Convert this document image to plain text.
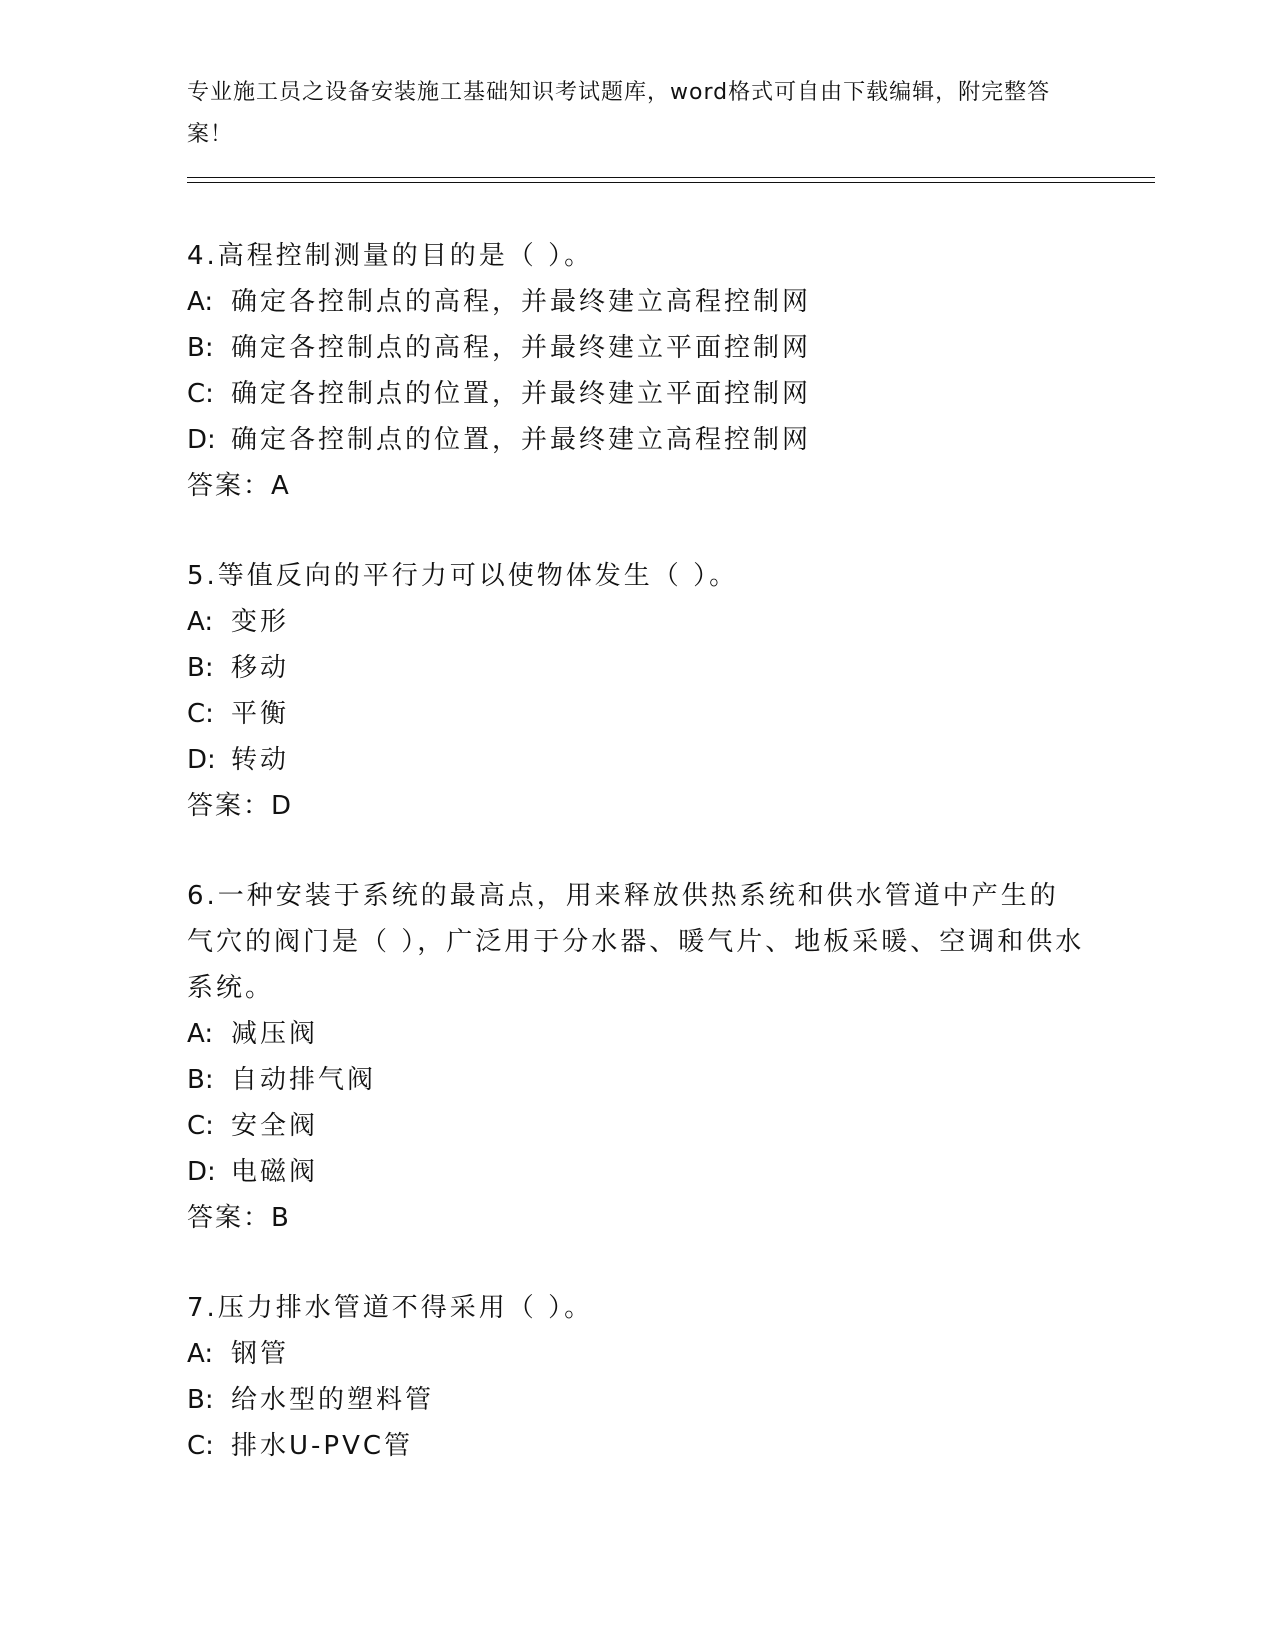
专业施工员之设备安装施工基础知识考试题库，word格式可自由下载编辑，附完整答案！

4.高程控制测量的目的是（ ）。

A: 确定各控制点的高程，并最终建立高程控制网

B: 确定各控制点的高程，并最终建立平面控制网

C: 确定各控制点的位置，并最终建立平面控制网

D: 确定各控制点的位置，并最终建立高程控制网

答案：A

5.等值反向的平行力可以使物体发生（ ）。

A: 变形

B: 移动

C: 平衡

D: 转动

答案：D

6.一种安装于系统的最高点，用来释放供热系统和供水管道中产生的气穴的阀门是（ ），广泛用于分水器、暖气片、地板采暖、空调和供水系统。

A: 减压阀

B: 自动排气阀

C: 安全阀

D: 电磁阀

答案：B

7.压力排水管道不得采用（ ）。

A: 钢管

B: 给水型的塑料管

C: 排水U-PVC管
